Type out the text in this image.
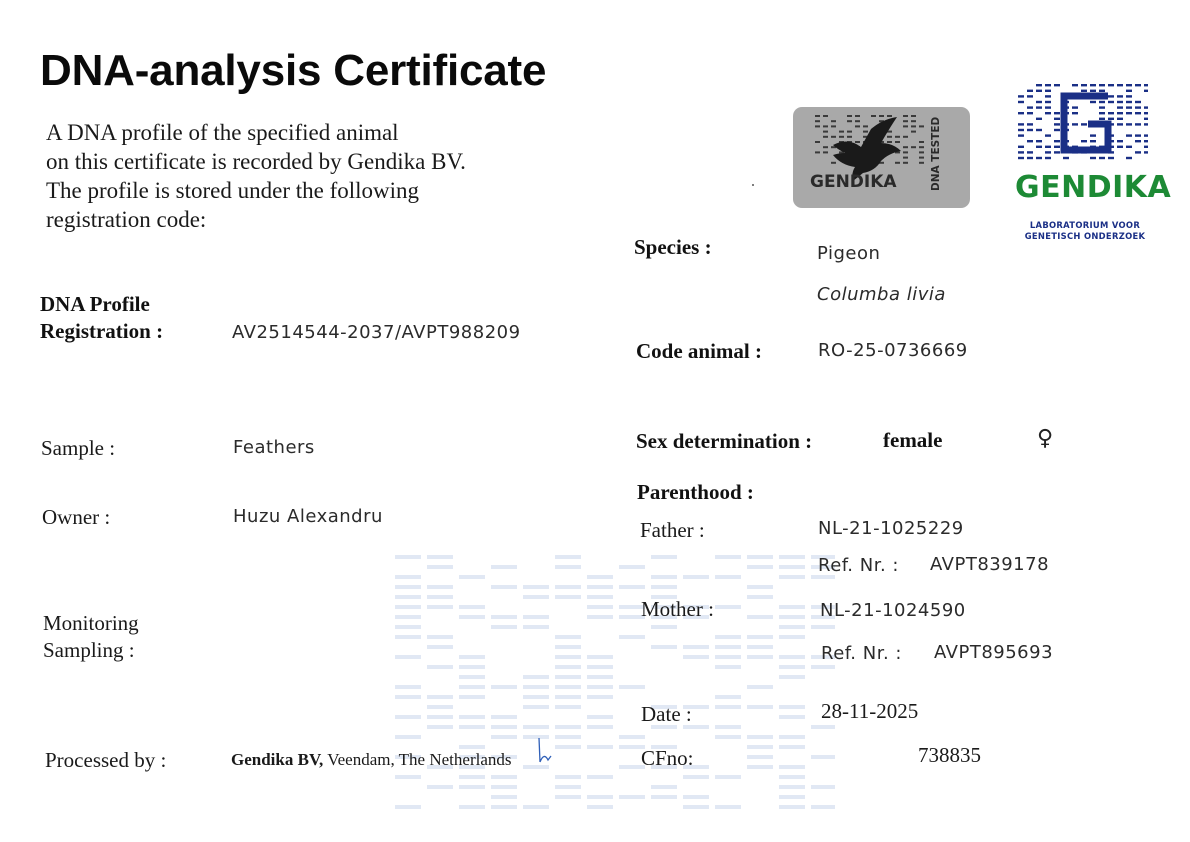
DNA-analysis Certificate
A DNA profile of the specified animal
on this certificate is recorded by Gendika BV.
The profile is stored under the following
registration code:
DNA Profile
Registration :	AV2514544-2037/AVPT988209
Sample :	Feathers
Owner :	Huzu Alexandru
Monitoring
Sampling :
Processed by :	Gendika BV, Veendam, The Netherlands
Species :	Pigeon
Columba livia
Code animal :	RO-25-0736669
Sex determination :	female	♀
Parenthood :
Father :	NL-21-1025229
Ref. Nr. : AVPT839178
Mother :	NL-21-1024590
Ref. Nr. : AVPT895693
Date :	28-11-2025
CFno:	738835
GENDIKA	DNA TESTED GENDIKA
LABORATORIUM VOOR
GENETISCH ONDERZOEK
